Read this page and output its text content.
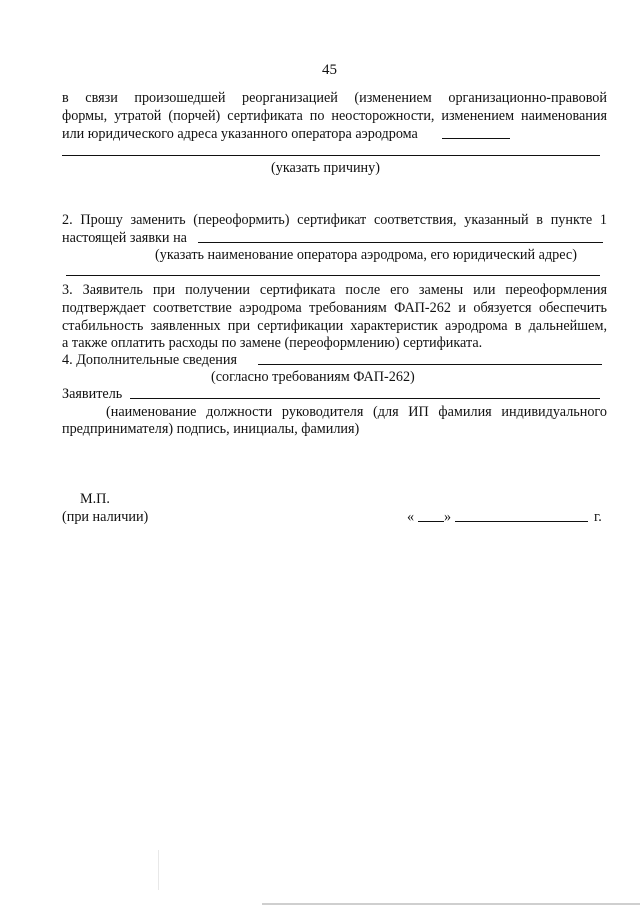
45
в связи произошедшей реорганизацией (изменением организационно-правовой
формы, утратой (порчей) сертификата по неосторожности, изменением наименования
или юридического адреса указанного оператора аэродрома
(указать причину)
2. Прошу заменить (переоформить) сертификат соответствия, указанный в пункте 1
настоящей заявки на
(указать наименование оператора аэродрома, его юридический адрес)
3. Заявитель при получении сертификата после его замены или переоформления
подтверждает соответствие аэродрома требованиям ФАП-262 и обязуется обеспечить
стабильность заявленных при сертификации характеристик аэродрома в дальнейшем,
а также оплатить расходы по замене (переоформлению) сертификата.
4. Дополнительные сведения
(согласно требованиям ФАП-262)
Заявитель
(наименование должности руководителя (для ИП фамилия индивидуального
предпринимателя) подпись, инициалы, фамилия)
М.П.
(при наличии)	« »	г.
